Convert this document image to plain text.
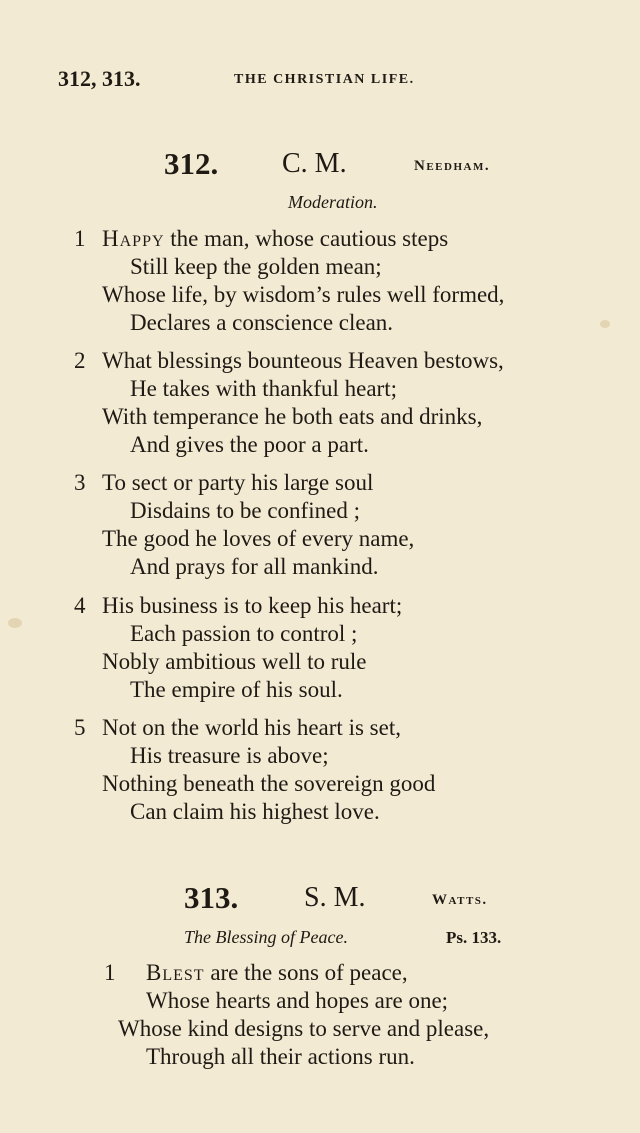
312, 313.	THE CHRISTIAN LIFE.
312. C. M.	Needham.
Moderation.
1 Happy the man, whose cautious steps
Still keep the golden mean;
Whose life, by wisdom’s rules well formed,
Declares a conscience clean.
2 What blessings bounteous Heaven bestows,
He takes with thankful heart;
With temperance he both eats and drinks,
And gives the poor a part.
3 To sect or party his large soul
Disdains to be confined ;
The good he loves of every name,
And prays for all mankind.
4 His business is to keep his heart;
Each passion to control ;
Nobly ambitious well to rule
The empire of his soul.
5 Not on the world his heart is set,
His treasure is above;
Nothing beneath the sovereign good
Can claim his highest love.
313. S. M.	Watts.
The Blessing of Peace.	Ps. 133.
1 Blest are the sons of peace,
Whose hearts and hopes are one;
Whose kind designs to serve and please,
Through all their actions run.
